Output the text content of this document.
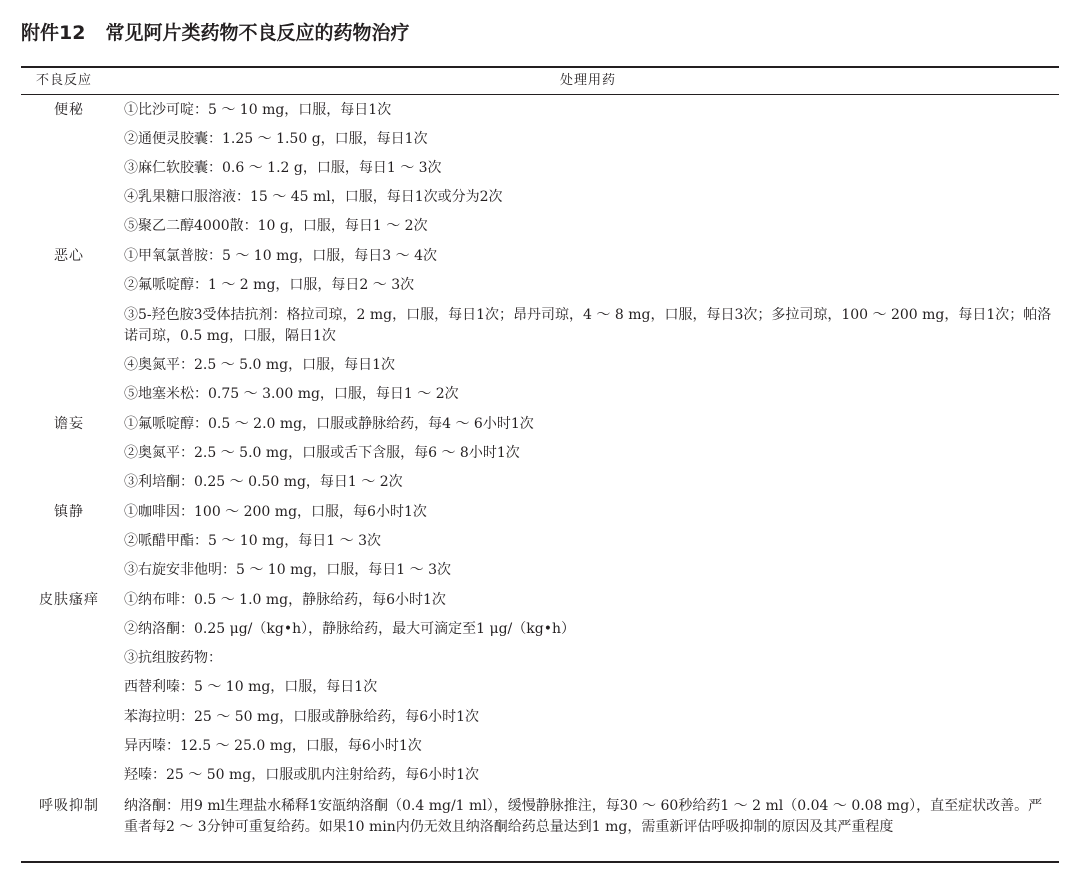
附件12 常见阿片类药物不良反应的药物治疗
不良反应	处理用药
便秘
恶心
谵妄
镇静
皮肤瘙痒
呼吸抑制
①比沙可啶：5 ～ 10 mg，口服，每日1次
②通便灵胶囊：1.25 ～ 1.50 g，口服，每日1次
③麻仁软胶囊：0.6 ～ 1.2 g，口服，每日1 ～ 3次
④乳果糖口服溶液：15 ～ 45 ml，口服，每日1次或分为2次
⑤聚乙二醇4000散：10 g，口服，每日1 ～ 2次
①甲氧氯普胺：5 ～ 10 mg，口服，每日3 ～ 4次
②氟哌啶醇：1 ～ 2 mg，口服，每日2 ～ 3次
③5-羟色胺3受体拮抗剂：格拉司琼，2 mg，口服，每日1次；昂丹司琼，4 ～ 8 mg，口服，每日3次；多拉司琼，100 ～ 200 mg，每日1次；帕洛诺司琼，0.5 mg，口服，隔日1次
④奥氮平：2.5 ～ 5.0 mg，口服，每日1次
⑤地塞米松：0.75 ～ 3.00 mg，口服，每日1 ～ 2次
①氟哌啶醇：0.5 ～ 2.0 mg，口服或静脉给药，每4 ～ 6小时1次
②奥氮平：2.5 ～ 5.0 mg，口服或舌下含服，每6 ～ 8小时1次
③利培酮：0.25 ～ 0.50 mg，每日1 ～ 2次
①咖啡因：100 ～ 200 mg，口服，每6小时1次
②哌醋甲酯：5 ～ 10 mg，每日1 ～ 3次
③右旋安非他明：5 ～ 10 mg，口服，每日1 ～ 3次
①纳布啡：0.5 ～ 1.0 mg，静脉给药，每6小时1次
②纳洛酮：0.25 μg/（kg•h），静脉给药，最大可滴定至1 μg/（kg•h）
③抗组胺药物：
西替利嗪：5 ～ 10 mg，口服，每日1次
苯海拉明：25 ～ 50 mg，口服或静脉给药，每6小时1次
异丙嗪：12.5 ～ 25.0 mg，口服，每6小时1次
羟嗪：25 ～ 50 mg，口服或肌内注射给药，每6小时1次
纳洛酮：用9 ml生理盐水稀释1安瓿纳洛酮（0.4 mg/1 ml），缓慢静脉推注，每30 ～ 60秒给药1 ～ 2 ml（0.04 ～ 0.08 mg），直至症状改善。严重者每2 ～ 3分钟可重复给药。如果10 min内仍无效且纳洛酮给药总量达到1 mg，需重新评估呼吸抑制的原因及其严重程度
